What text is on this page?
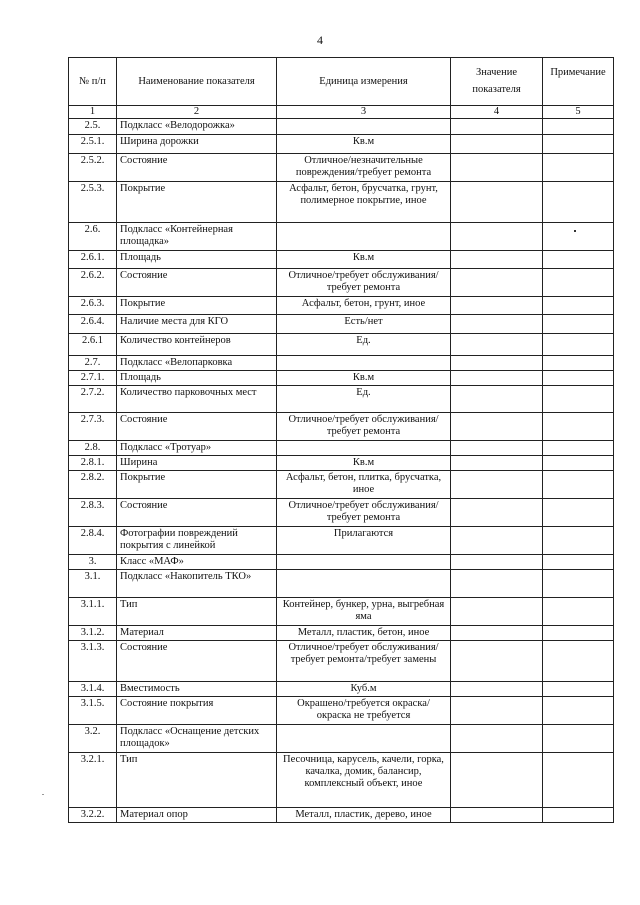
4
№ п/п	Наименование показателя	Единица измерения	Значение показателя	Примечание
1	2	3	4	5
2.5.	Подкласс «Велодорожка»			
2.5.1.	Ширина дорожки	Кв.м		
2.5.2.	Состояние	Отличное/незначительные повреждения/требует ремонта		
2.5.3.	Покрытие	Асфальт, бетон, брусчатка, грунт, полимерное покрытие, иное		
2.6.	Подкласс «Контейнерная площадка»			
2.6.1.	Площадь	Кв.м		
2.6.2.	Состояние	Отличное/требует обслуживания/требует ремонта		
2.6.3.	Покрытие	Асфальт, бетон, грунт, иное		
2.6.4.	Наличие места для КГО	Есть/нет		
2.6.1	Количество контейнеров	Ед.		
2.7.	Подкласс «Велопарковка			
2.7.1.	Площадь	Кв.м		
2.7.2.	Количество парковочных мест	Ед.		
2.7.3.	Состояние	Отличное/требует обслуживания/требует ремонта		
2.8.	Подкласс «Тротуар»			
2.8.1.	Ширина	Кв.м		
2.8.2.	Покрытие	Асфальт, бетон, плитка, брусчатка, иное		
2.8.3.	Состояние	Отличное/требует обслуживания/требует ремонта		
2.8.4.	Фотографии повреждений покрытия с линейкой	Прилагаются		
3.	Класс «МАФ»			
3.1.	Подкласс «Накопитель ТКО»			
3.1.1.	Тип	Контейнер, бункер, урна, выгребная яма		
3.1.2.	Материал	Металл, пластик, бетон, иное		
3.1.3.	Состояние	Отличное/требует обслуживания/требует ремонта/требует замены		
3.1.4.	Вместимость	Куб.м		
3.1.5.	Состояние покрытия	Окрашено/требуется окраска/окраска не требуется		
3.2.	Подкласс «Оснащение детских площадок»			
3.2.1.	Тип	Песочница, карусель, качели, горка, качалка, домик, балансир, комплексный объект, иное		
3.2.2.	Материал опор	Металл, пластик, дерево, иное		
